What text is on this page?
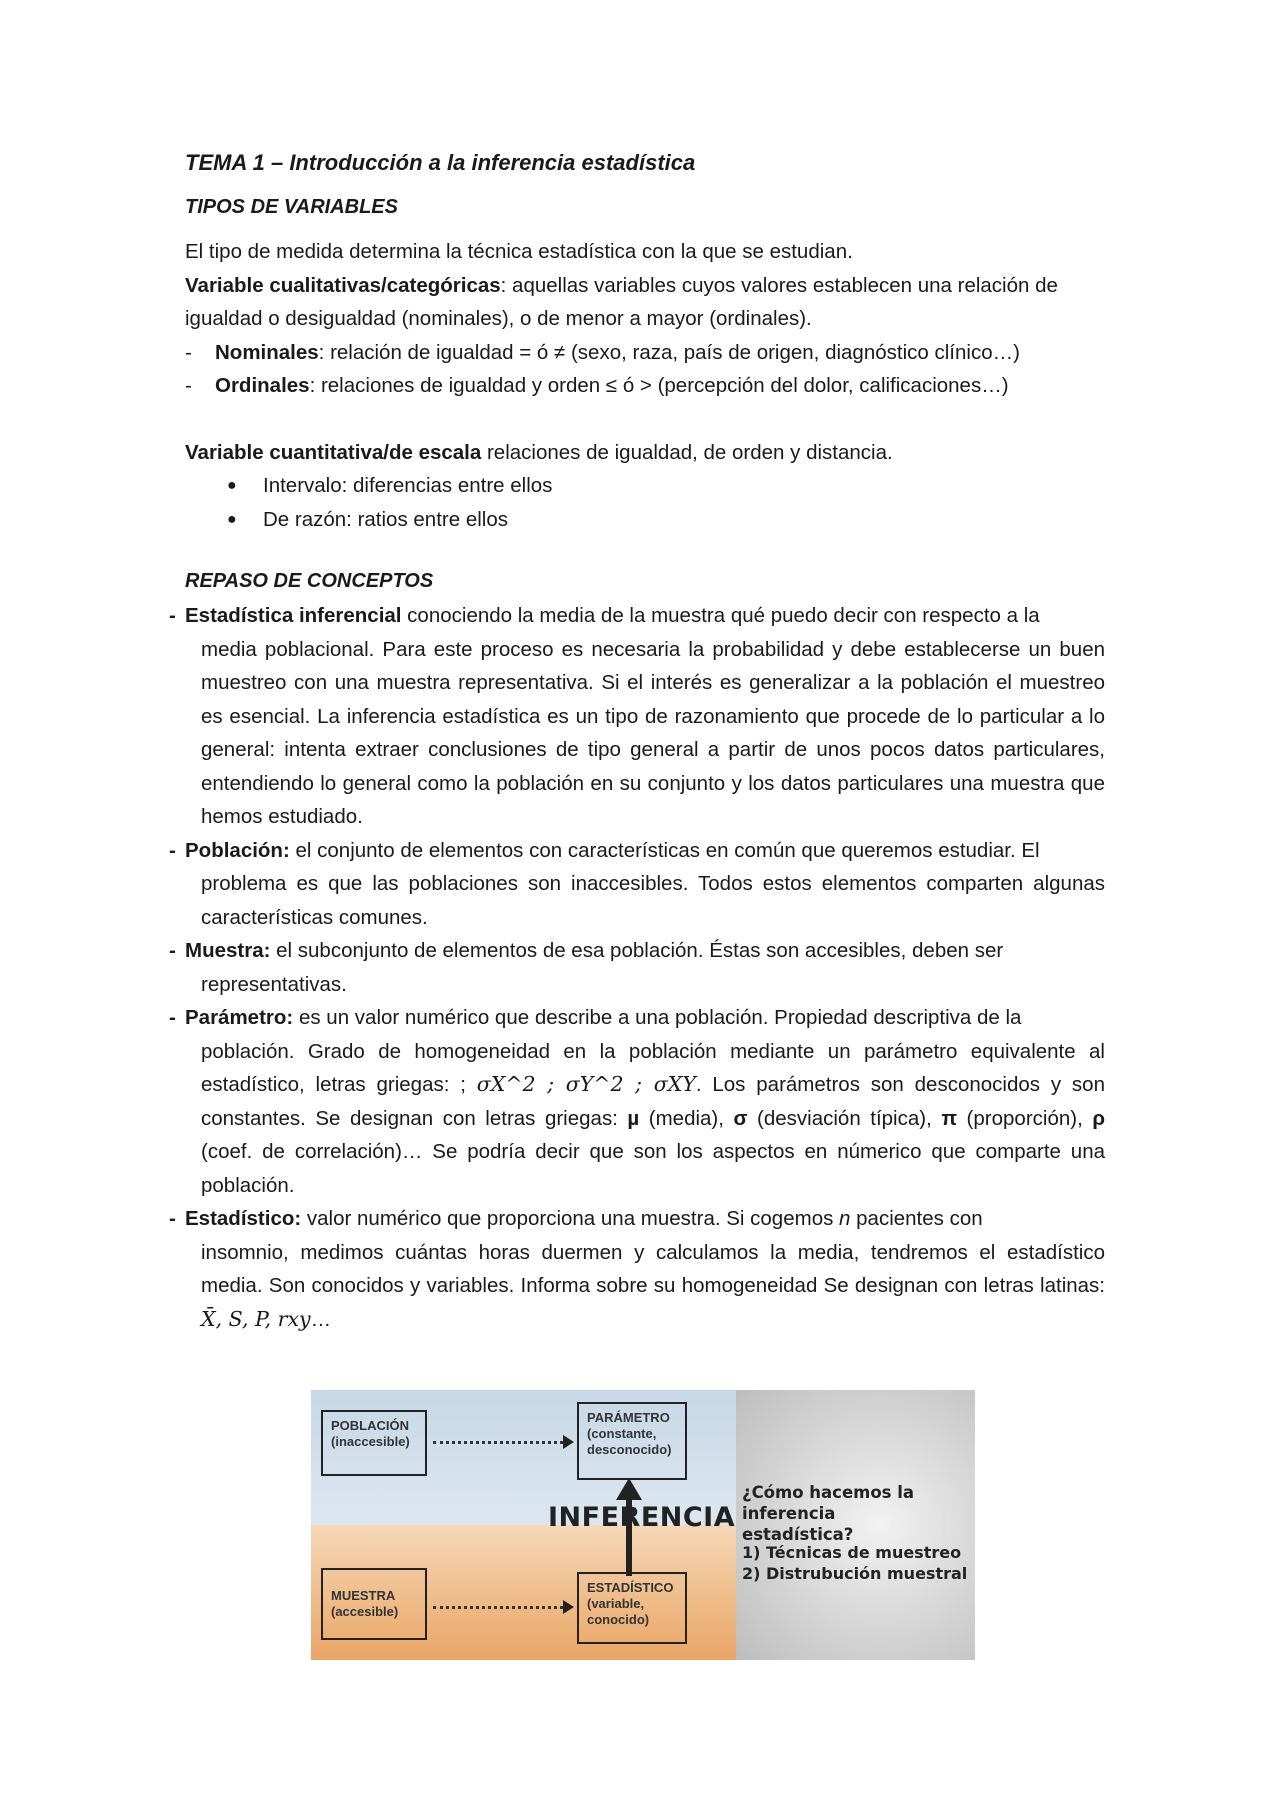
TEMA 1 – Introducción a la inferencia estadística
TIPOS DE VARIABLES

El tipo de medida determina la técnica estadística con la que se estudian.

Variable cualitativas/categóricas: aquellas variables cuyos valores establecen una relación de igualdad o desigualdad (nominales), o de menor a mayor (ordinales).

-	Nominales: relación de igualdad = ó ≠ (sexo, raza, país de origen, diagnóstico clínico…)
-	Ordinales: relaciones de igualdad y orden ≤ ó > (percepción del dolor, calificaciones…)

Variable cuantitativa/de escala relaciones de igualdad, de orden y distancia.

●	Intervalo: diferencias entre ellos
●	De razón: ratios entre ellos
REPASO DE CONCEPTOS
- Estadística inferencial conociendo la media de la muestra qué puedo decir con respecto a la
media poblacional. Para este proceso es necesaria la probabilidad y debe establecerse un buen muestreo con una muestra representativa. Si el interés es generalizar a la población el muestreo es esencial. La inferencia estadística es un tipo de razonamiento que procede de lo particular a lo general: intenta extraer conclusiones de tipo general a partir de unos pocos datos particulares, entendiendo lo general como la población en su conjunto y los datos particulares una muestra que hemos estudiado.
- Población: el conjunto de elementos con características en común que queremos estudiar. El
problema es que las poblaciones son inaccesibles. Todos estos elementos comparten algunas características comunes.
- Muestra: el subconjunto de elementos de esa población. Éstas son accesibles, deben ser
representativas.
- Parámetro: es un valor numérico que describe a una población. Propiedad descriptiva de la
población. Grado de homogeneidad en la población mediante un parámetro equivalente al estadístico, letras griegas: ; σX^2 ; σY^2 ; σXY. Los parámetros son desconocidos y son constantes. Se designan con letras griegas: µ (media), σ (desviación típica), π (proporción), ρ (coef. de correlación)… Se podría decir que son los aspectos en númerico que comparte una población.
- Estadístico: valor numérico que proporciona una muestra. Si cogemos n pacientes con
insomnio, medimos cuántas horas duermen y calculamos la media, tendremos el estadístico media. Son conocidos y variables. Informa sobre su homogeneidad Se designan con letras latinas: X̄, S, P, rxy…
POBLACIÓN
(inaccesible)
PARÁMETRO
(constante, desconocido)
INFERENCIA
MUESTRA
(accesible)
ESTADÍSTICO
(variable, conocido)
¿Cómo hacemos la inferencia estadística?
1) Técnicas de muestreo
2) Distrubución muestral
